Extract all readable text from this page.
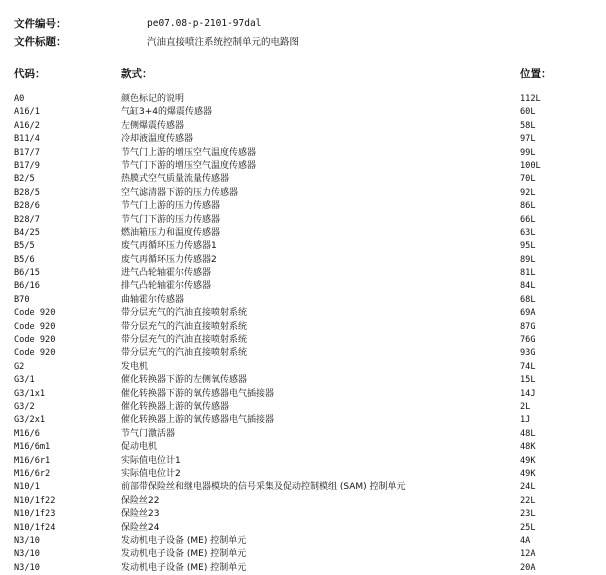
文件编号：	pe07.08-p-2101-97dal
文件标题：	汽油直接喷注系统控制单元的电路图
代码：	款式：	位置：
A0	颜色标记的说明	112L
A16/1	气缸3+4的爆震传感器	60L
A16/2	左侧爆震传感器	58L
B11/4	冷却液温度传感器	97L
B17/7	节气门上游的增压空气温度传感器	99L
B17/9	节气门下游的增压空气温度传感器	100L
B2/5	热膜式空气质量流量传感器	70L
B28/5	空气滤清器下游的压力传感器	92L
B28/6	节气门上游的压力传感器	86L
B28/7	节气门下游的压力传感器	66L
B4/25	燃油箱压力和温度传感器	63L
B5/5	废气再循环压力传感器1	95L
B5/6	废气再循环压力传感器2	89L
B6/15	进气凸轮轴霍尔传感器	81L
B6/16	排气凸轮轴霍尔传感器	84L
B70	曲轴霍尔传感器	68L
Code 920	带分层充气的汽油直接喷射系统	69A
Code 920	带分层充气的汽油直接喷射系统	87G
Code 920	带分层充气的汽油直接喷射系统	76G
Code 920	带分层充气的汽油直接喷射系统	93G
G2	发电机	74L
G3/1	催化转换器下游的左侧氧传感器	15L
G3/1x1	催化转换器下游的氧传感器电气插接器	14J
G3/2	催化转换器上游的氧传感器	2L
G3/2x1	催化转换器上游的氧传感器电气插接器	1J
M16/6	节气门激活器	48L
M16/6m1	促动电机	48K
M16/6r1	实际值电位计1	49K
M16/6r2	实际值电位计2	49K
N10/1	前部带保险丝和继电器模块的信号采集及促动控制模组 (SAM) 控制单元	24L
N10/1f22	保险丝22	22L
N10/1f23	保险丝23	23L
N10/1f24	保险丝24	25L
N3/10	发动机电子设备 (ME) 控制单元	4A
N3/10	发动机电子设备 (ME) 控制单元	12A
N3/10	发动机电子设备 (ME) 控制单元	20A
